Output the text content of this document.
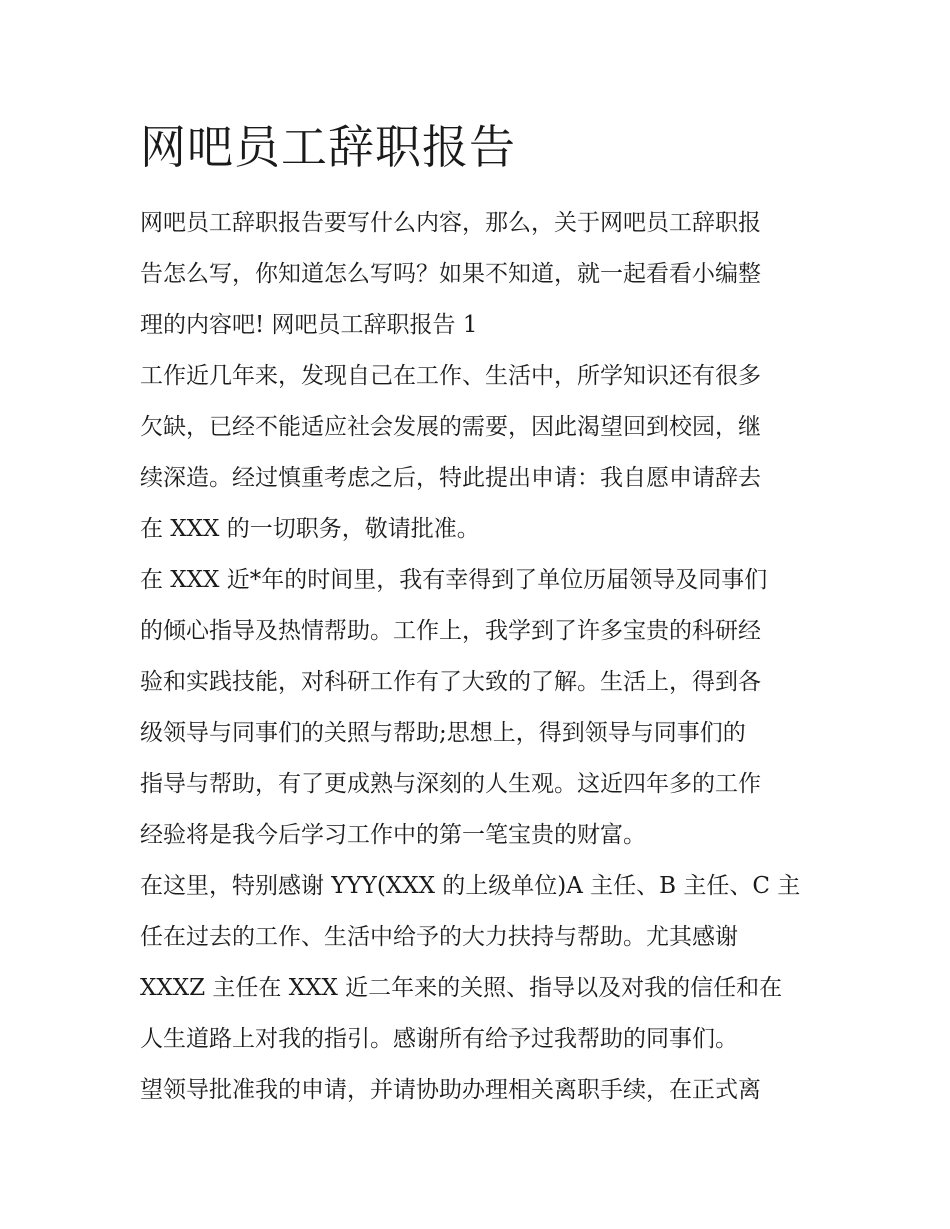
网吧员工辞职报告
网吧员工辞职报告要写什么内容，那么，关于网吧员工辞职报
告怎么写，你知道怎么写吗？如果不知道，就一起看看小编整
理的内容吧! 网吧员工辞职报告 1
工作近几年来，发现自己在工作、生活中，所学知识还有很多
欠缺，已经不能适应社会发展的需要，因此渴望回到校园，继
续深造。经过慎重考虑之后，特此提出申请：我自愿申请辞去
在 XXX 的一切职务，敬请批准。
在 XXX 近*年的时间里，我有幸得到了单位历届领导及同事们
的倾心指导及热情帮助。工作上，我学到了许多宝贵的科研经
验和实践技能，对科研工作有了大致的了解。生活上，得到各
级领导与同事们的关照与帮助;思想上，得到领导与同事们的
指导与帮助，有了更成熟与深刻的人生观。这近四年多的工作
经验将是我今后学习工作中的第一笔宝贵的财富。
在这里，特别感谢 YYY(XXX 的上级单位)A 主任、B 主任、C 主
任在过去的工作、生活中给予的大力扶持与帮助。尤其感谢
XXXZ 主任在 XXX 近二年来的关照、指导以及对我的信任和在
人生道路上对我的指引。感谢所有给予过我帮助的同事们。
望领导批准我的申请，并请协助办理相关离职手续，在正式离
